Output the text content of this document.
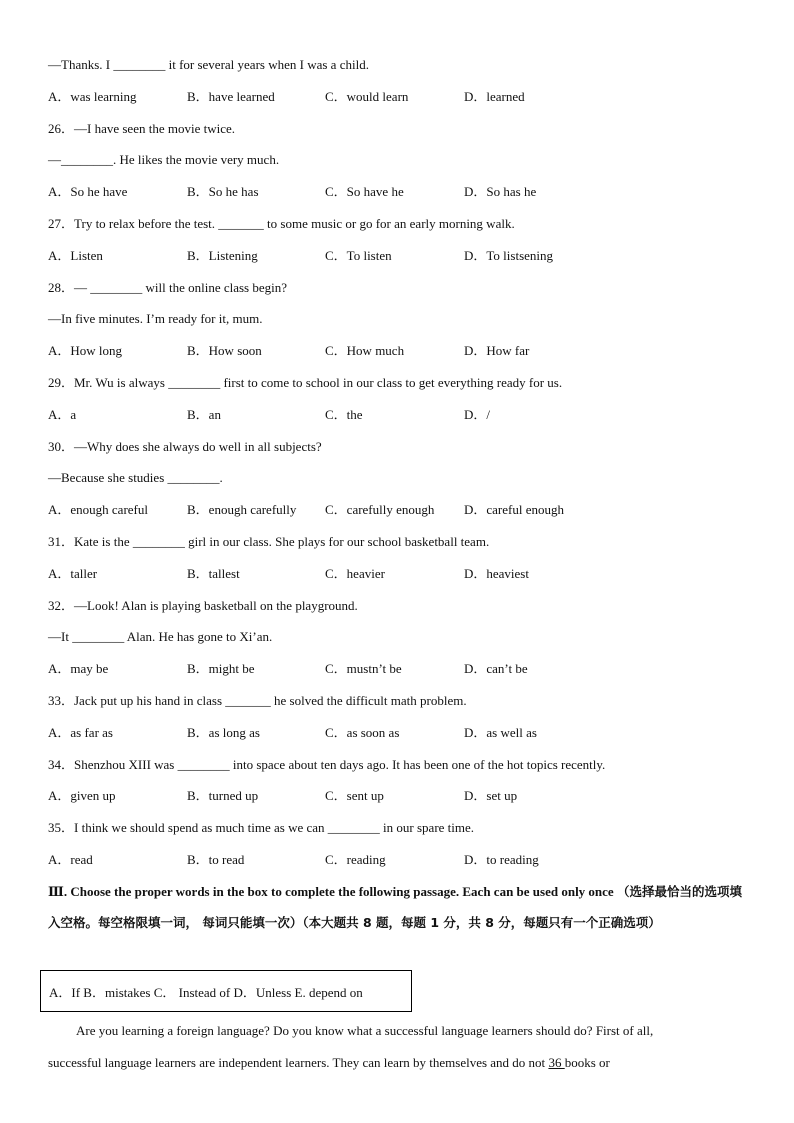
—Thanks. I ________ it for several years when I was a child.
26．—I have seen the movie twice.
—________. He likes the movie very much.
27．Try to relax before the test. _______ to some music or go for an early morning walk.
28．— ________ will the online class begin?
—In five minutes. I’m ready for it, mum.
29．Mr. Wu is always ________ first to come to school in our class to get everything ready for us.
30．—Why does she always do well in all subjects?
—Because she studies ________.
31．Kate is the ________ girl in our class. She plays for our school basketball team.
32．—Look! Alan is playing basketball on the playground.
—It ________ Alan. He has gone to Xi’an.
33．Jack put up his hand in class _______ he solved the difficult math problem.
34．Shenzhou XIII was ________ into space about ten days ago. It has been one of the hot topics recently.
35．I think we should spend as much time as we can ________ in our spare time.
A．was learning	B．have learned	C．would learn	D．learned
A．So he have	B．So he has	C．So have he	D．So has he
A．Listen	B．Listening	C．To listen	D．To listsening
A．How long	B．How soon	C．How much	D．How far
A．a	B．an	C．the	D．/
A．enough careful	B．enough carefully C．carefully enough D．careful enough
A．taller	B．tallest	C．heavier	D．heaviest
A．may be	B．might be	C．mustn’t be	D．can’t be
A．as far as	B．as long as	C．as soon as	D．as well as
A．given up	B．turned up	C．sent up	D．set up
A．read	B．to read	C．reading	D．to reading
Ⅲ. Choose the proper words in the box to complete the following passage. Each can be used only once （选择最恰当的选项填入空格。每空格限填一词， 每词只能填一次）（本大题共 8 题，每题 1 分，共 8 分，每题只有一个正确选项）
A．If B．mistakes C． Instead of D．Unless E. depend on
Are you learning a foreign language? Do you know what a successful language learners should do? First of all,
successful language learners are independent learners. They can learn by themselves and do not 36 books or
